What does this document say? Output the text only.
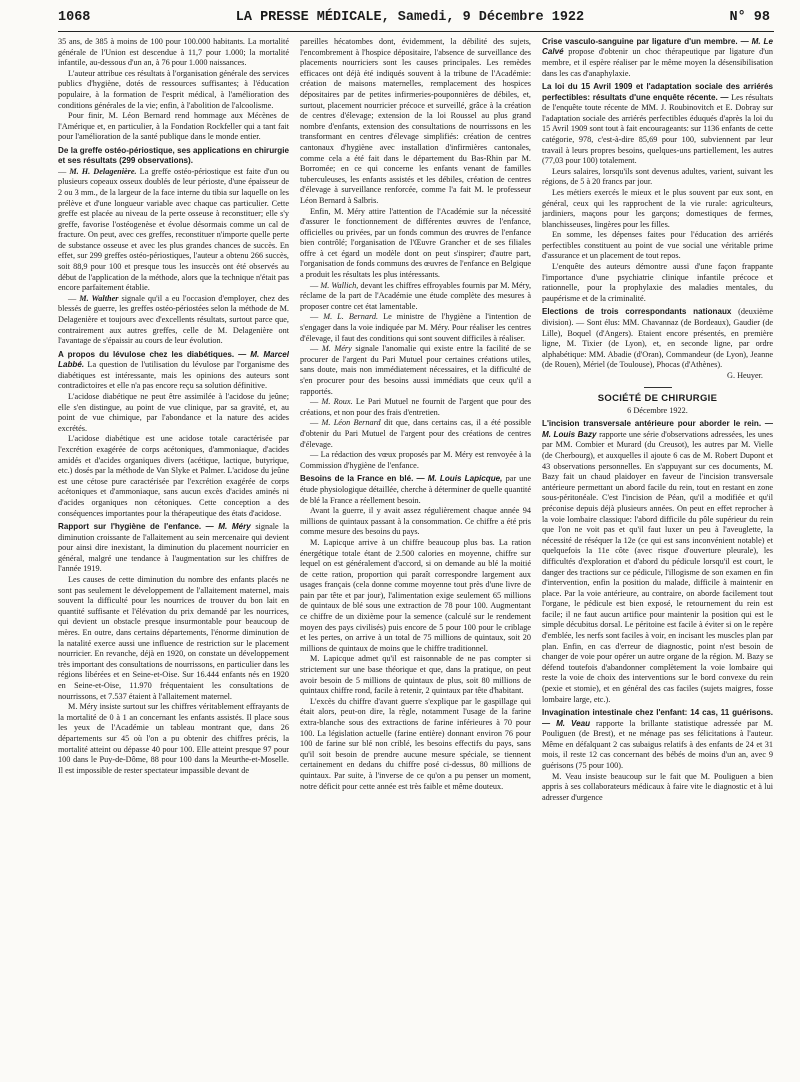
1068	LA PRESSE MÉDICALE, Samedi, 9 Décembre 1922	N° 98

35 ans, de 385 à moins de 100 pour 100.000 habitants. La mortalité générale de l'Union est descendue à 11,7 pour 1.000; la mortalité infantile, au-dessous d'un an, à 76 pour 1.000 naissances.

L'auteur attribue ces résultats à l'organisation générale des services publics d'hygiène, dotés de ressources suffisantes; à l'éducation populaire, à la formation de l'esprit médical, à l'amélioration des conditions générales de la vie; enfin, à l'abolition de l'alcoolisme.

Pour finir, M. Léon Bernard rend hommage aux Mécènes de l'Amérique et, en particulier, à la Fondation Rockfeller qui a tant fait pour l'amélioration de la santé publique dans le monde entier.

De la greffe ostéo-périostique, ses applications en chirurgie et ses résultats (299 observations).

— M. H. Delagenière. La greffe ostéo-périostique est faite d'un ou plusieurs copeaux osseux doublés de leur périoste, d'une épaisseur de 2 ou 3 mm., de la largeur de la face interne du tibia sur laquelle on les prélève et d'une longueur variable avec chaque cas particulier. Cette greffe est placée au niveau de la perte osseuse à reconstituer; elle s'y greffe, favorise l'ostéogenèse et évolue désormais comme un cal de fracture. On peut, avec ces greffes, reconstituer n'importe quelle perte de substance osseuse et avec les plus grandes chances de succès. En effet, sur 299 greffes ostéo-périostiques, l'auteur a obtenu 266 succès, soit 88,9 pour 100 et presque tous les insuccès ont été observés au début de l'application de la méthode, alors que la technique n'était pas encore parfaitement établie.

— M. Walther signale qu'il a eu l'occasion d'employer, chez des blessés de guerre, les greffes ostéo-périostées selon la méthode de M. Delagenière et toujours avec d'excellents résultats, surtout parce que, contrairement aux autres greffes, celle de M. Delagenière ont l'avantage de s'épaissir au cours de leur évolution.

A propos du lévulose chez les diabétiques. — M. Marcel Labbé. La question de l'utilisation du lévulose par l'organisme des diabétiques est intéressante, mais les opinions des auteurs sont contradictoires et elle n'a pas encore reçu sa solution définitive.

L'acidose diabétique ne peut être assimilée à l'acidose du jeûne; elle s'en distingue, au point de vue clinique, par sa gravité, et, au point de vue chimique, par l'abondance et la nature des acides excrétés.

L'acidose diabétique est une acidose totale caractérisée par l'excrétion exagérée de corps acétoniques, d'ammoniaque, d'acides amidés et d'acides organiques divers (acétique, lactique, butyrique, etc.) dosés par la méthode de Van Slyke et Palmer. L'acidose du jeûne est une cétose pure caractérisée par l'excrétion exagérée de corps acétoniques et d'ammoniaque, sans aucun excès d'acides aminés ni d'acides organiques non cétoniques. Cette conception a des conséquences importantes pour la thérapeutique des états d'acidose.

Rapport sur l'hygiène de l'enfance. — M. Méry signale la diminution croissante de l'allaitement au sein mercenaire qui devient pour ainsi dire inexistant, la diminution du placement nourricier en général, malgré une tendance à l'augmentation sur les chiffres de l'année 1919.

Les causes de cette diminution du nombre des enfants placés ne sont pas seulement le développement de l'allaitement maternel, mais souvent la difficulté pour les nourrices de trouver du bon lait en quantité suffisante et l'élévation du prix demandé par les nourrices, qui devient un obstacle presque insurmontable pour beaucoup de mères. En outre, dans certains départements, l'énorme diminution de la natalité exerce aussi une influence de restriction sur le placement nourricier. En revanche, déjà en 1920, on constate un développement très important des consultations de nourrissons, en particulier dans les régions libérées et en Seine-et-Oise. Sur 16.444 enfants nés en 1920 en Seine-et-Oise, 11.970 fréquentaient les consultations de nourrissons, et 7.537 étaient à l'allaitement maternel.

M. Méry insiste surtout sur les chiffres véritablement effrayants de la mortalité de 0 à 1 an concernant les enfants assistés. Il place sous les yeux de l'Académie un tableau montrant que, dans 26 départements sur 45 où l'on a pu obtenir des chiffres précis, la mortalité atteint ou dépasse 40 pour 100. Elle atteint presque 97 pour 100 dans le Puy-de-Dôme, 88 pour 100 dans la Meurthe-et-Moselle. Il est impossible de rester spectateur impassible devant de

pareilles hécatombes dont, évidemment, la débilité des sujets, l'encombrement à l'hospice dépositaire, l'absence de surveillance des placements nourriciers sont les causes principales. Les remèdes efficaces ont déjà été indiqués souvent à la tribune de l'Académie: création de maisons maternelles, remplacement des hospices dépositaires par de petites infirmeries-pouponnières de débiles, et, surtout, placement nourricier précoce et surveillé, grâce à la création de centres d'élevage; extension de la loi Roussel au plus grand nombre d'enfants, extension des consultations de nourrissons en les transformant en centres d'élevage simplifiés: création de centres cantonaux d'hygiène avec installation d'infirmières cantonales, comme cela a été fait dans le département du Bas-Rhin par M. Borromée; en ce qui concerne les enfants venant de familles tuberculeuses, les enfants assistés et les débiles, création de centres d'élevage à surveillance renforcée, comme l'a fait M. le professeur Léon Bernard à Salbris.

Enfin, M. Méry attire l'attention de l'Académie sur la nécessité d'assurer le fonctionnement de différentes œuvres de l'enfance, officielles ou privées, par un fonds commun des œuvres de l'enfance bien contrôlé; l'organisation de l'Œuvre Grancher et de ses filiales offre à cet égard un modèle dont on peut s'inspirer; d'autre part, l'organisation de fonds communs des œuvres de l'enfance en Belgique a produit les résultats les plus intéressants.

— M. Wallich, devant les chiffres effroyables fournis par M. Méry, réclame de la part de l'Académie une étude complète des mesures à proposer contre cet état lamentable.

— M. L. Bernard. Le ministre de l'hygiène a l'intention de s'engager dans la voie indiquée par M. Méry. Pour réaliser les centres d'élevage, il faut des conditions qui sont souvent difficiles à réaliser.

— M. Méry signale l'anomalie qui existe entre la facilité de se procurer de l'argent du Pari Mutuel pour certaines créations utiles, sans doute, mais non immédiatement nécessaires, et la difficulté de s'en procurer pour des besoins aussi immédiats que ceux qu'il a rapportés.

— M. Roux. Le Pari Mutuel ne fournit de l'argent que pour des créations, et non pour des frais d'entretien.

— M. Léon Bernard dit que, dans certains cas, il a été possible d'obtenir du Pari Mutuel de l'argent pour des créations de centres d'élevage.

— La rédaction des vœux proposés par M. Méry est renvoyée à la Commission d'hygiène de l'enfance.

Besoins de la France en blé. — M. Louis Lapicque, par une étude physiologique détaillée, cherche à déterminer de quelle quantité de blé la France a réellement besoin.

Avant la guerre, il y avait assez régulièrement chaque année 94 millions de quintaux passant à la consommation. Ce chiffre a été pris comme mesure des besoins du pays.

M. Lapicque arrive à un chiffre beaucoup plus bas. La ration énergétique totale étant de 2.500 calories en moyenne, chiffre sur lequel on est généralement d'accord, si on demande au blé la moitié de cette ration, proportion qui paraît correspondre largement aux usages français (cela donne comme moyenne tout près d'une livre de pain par tête et par jour), l'alimentation exige seulement 65 millions de quintaux de blé sous une extraction de 78 pour 100. Augmentant ce chiffre de un dixième pour la semence (calculé sur le rendement moyen des pays civilisés) puis encore de 5 pour 100 pour le criblage et les pertes, on arrive à un total de 75 millions de quintaux, soit 20 millions de quintaux de moins que le chiffre traditionnel.

M. Lapicque admet qu'il est raisonnable de ne pas compter si strictement sur une base théorique et que, dans la pratique, on peut avoir besoin de 5 millions de quintaux de plus, soit 80 millions de quintaux chiffre rond, facile à retenir, 2 quintaux par tête d'habitant.

L'excès du chiffre d'avant guerre s'explique par le gaspillage qui était alors, peut-on dire, la règle, notamment l'usage de la farine extra-blanche sous des extractions de farine inférieures à 70 pour 100. La législation actuelle (farine entière) donnant environ 76 pour 100 de farine sur blé non criblé, les besoins effectifs du pays, sans qu'il soit besoin de prendre aucune mesure spéciale, se tiennent certainement en dedans du chiffre posé ci-dessus, 80 millions de quintaux. Par suite, à l'inverse de ce qu'on a pu penser un moment, notre déficit pour cette année est très faible et même douteux.

Crise vasculo-sanguine par ligature d'un membre. — M. Le Calvé propose d'obtenir un choc thérapeutique par ligature d'un membre, et il espère réaliser par le même moyen la désensibilisation dans les cas d'anaphylaxie.

La loi du 15 Avril 1909 et l'adaptation sociale des arriérés perfectibles: résultats d'une enquête récente. — Les résultats de l'enquête toute récente de MM. J. Roubinovitch et E. Dobray sur l'adaptation sociale des arriérés perfectibles éduqués d'après la loi du 15 Avril 1909 sont tout à fait encourageants: sur 1136 enfants de cette catégorie, 978, c'est-à-dire 85,69 pour 100, subviennent par leur travail à leurs propres besoins, quelques-uns partiellement, les autres (77,03 pour 100) totalement.

Leurs salaires, lorsqu'ils sont devenus adultes, varient, suivant les régions, de 5 à 20 francs par jour.

Les métiers exercés le mieux et le plus souvent par eux sont, en général, ceux qui les rapprochent de la vie rurale: agriculteurs, jardiniers, maçons pour les garçons; domestiques de fermes, blanchisseuses, lingères pour les filles.

En somme, les dépenses faites pour l'éducation des arriérés perfectibles constituent au point de vue social une véritable prime d'assurance et un placement de tout repos.

L'enquête des auteurs démontre aussi d'une façon frappante l'importance d'une psychiatrie clinique infantile précoce et rationnelle, pour la prophylaxie des maladies mentales, du paupérisme et de la criminalité.

Elections de trois correspondants nationaux (deuxième division). — Sont élus: MM. Chavannaz (de Bordeaux), Gaudier (de Lille), Boquel (d'Angers). Etaient encore présentés, en première ligne, M. Tixier (de Lyon), et, en seconde ligne, par ordre alphabétique: MM. Abadie (d'Oran), Commandeur (de Lyon), Jeanne (de Rouen), Mériel (de Toulouse), Phocas (d'Athènes).

G. Heuyer.

SOCIÉTÉ DE CHIRURGIE
6 Décembre 1922.

L'incision transversale antérieure pour aborder le rein. — M. Louis Bazy rapporte une série d'observations adressées, les unes par MM. Combier et Murard (du Creusot), les autres par M. Vielle (de Cherbourg), et auxquelles il ajoute 6 cas de M. Robert Dupont et 43 observations personnelles. En s'appuyant sur ces documents, M. Bazy fait un chaud plaidoyer en faveur de l'incision transversale antérieure permettant un abord facile du rein, tout en restant en zone sous-péritonéale. C'est l'incision de Péan, qu'il a modifiée et qu'il préconise depuis déjà plusieurs années. On peut en effet reprocher à la voie lombaire classique: l'abord difficile du pôle supérieur du rein que l'on ne voit pas et qu'il faut luxer un peu à l'aveuglette, la nécessité de réséquer la 12e (ce qui est sans inconvénient notable) et quelquefois la 11e côte (avec risque d'ouverture pleurale), les difficultés d'exploration et d'abord du pédicule lorsqu'il est court, le danger des tractions sur ce pédicule, l'illogisme de son examen en fin d'intervention, enfin la position du malade, difficile à maintenir en place. Par la voie antérieure, au contraire, on aborde facilement tout l'organe, le pédicule est bien exposé, le retournement du rein est facile; il ne faut aucun artifice pour maintenir la position qui est le simple décubitus dorsal. Le péritoine est facile à éviter si on le repère d'emblée, les nerfs sont faciles à voir, en incisant les muscles plan par plan. Enfin, en cas d'erreur de diagnostic, point n'est besoin de changer de voie pour opérer un autre organe de la région. M. Bazy se défend toutefois d'abandonner complètement la voie lombaire qui reste la voie de choix des interventions sur le bord convexe du rein (pexie et stomie), et en général des cas faciles (sujets maigres, fosse lombaire large, etc.).

Invagination intestinale chez l'enfant: 14 cas, 11 guérisons. — M. Veau rapporte la brillante statistique adressée par M. Pouliguen (de Brest), et ne ménage pas ses félicitations à l'auteur. Même en défalquant 2 cas subaigus relatifs à des enfants de 24 et 31 mois, il reste 12 cas concernant des bébés de moins d'un an, avec 9 guérisons (75 pour 100).

M. Veau insiste beaucoup sur le fait que M. Pouliguen a bien appris à ses collaborateurs médicaux à faire vite le diagnostic et à lui adresser d'urgence
